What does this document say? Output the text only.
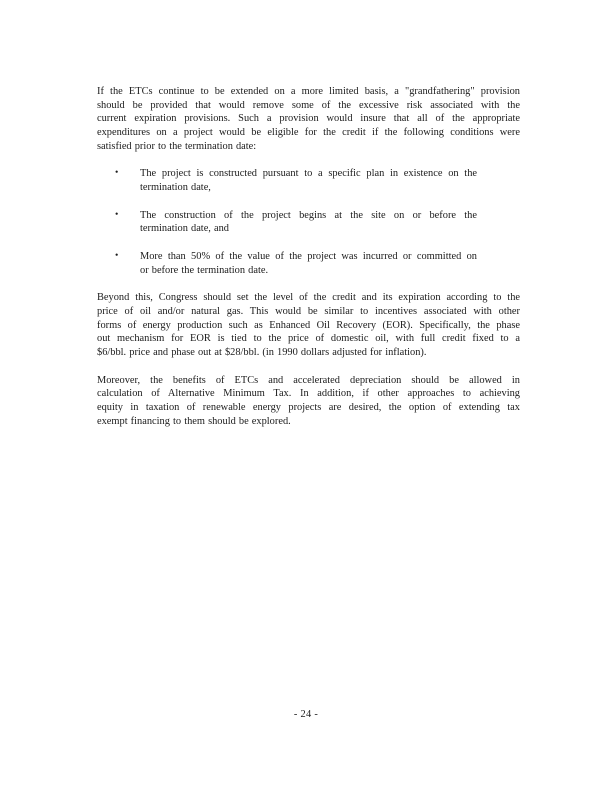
If the ETCs continue to be extended on a more limited basis, a "grandfathering" provision
should be provided that would remove some of the excessive risk associated with the
current expiration provisions. Such a provision would insure that all of the appropriate
expenditures on a project would be eligible for the credit if the following conditions were
satisfied prior to the termination date:
• The project is constructed pursuant to a specific plan in existence on the
termination date,
• The construction of the project begins at the site on or before the
termination date, and
• More than 50% of the value of the project was incurred or committed on
or before the termination date.
Beyond this, Congress should set the level of the credit and its expiration according to the
price of oil and/or natural gas. This would be similar to incentives associated with other
forms of energy production such as Enhanced Oil Recovery (EOR). Specifically, the phase
out mechanism for EOR is tied to the price of domestic oil, with full credit fixed to a
$6/bbl. price and phase out at $28/bbl. (in 1990 dollars adjusted for inflation).
Moreover, the benefits of ETCs and accelerated depreciation should be allowed in
calculation of Alternative Minimum Tax. In addition, if other approaches to achieving
equity in taxation of renewable energy projects are desired, the option of extending tax
exempt financing to them should be explored.
- 24 -
